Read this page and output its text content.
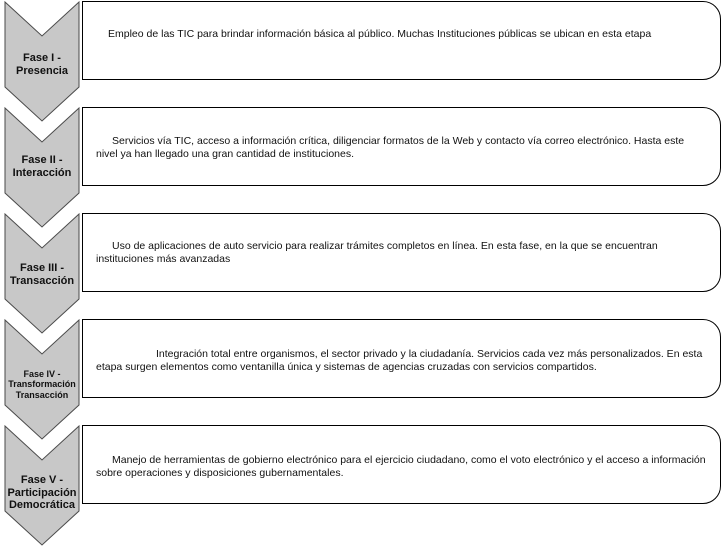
Fase I -
Presencia
Fase II -
Interacción
Fase III -
Transacción
Fase IV -
Transformación
Transacción
Fase V -
Participación
Democrática
Empleo de las TIC para brindar información básica al público. Muchas Instituciones públicas se ubican en esta etapa
Servicios vía TIC, acceso a información crítica, diligenciar formatos de la Web y contacto vía correo electrónico. Hasta este nivel ya han llegado una gran cantidad de instituciones.
Uso de aplicaciones de auto servicio para realizar trámites completos en línea. En esta fase, en la que se encuentran instituciones más avanzadas
Integración total entre organismos, el sector privado y la ciudadanía. Servicios cada vez más personalizados. En esta etapa surgen elementos como ventanilla única y sistemas de agencias cruzadas con servicios compartidos.
Manejo de herramientas de gobierno electrónico para el ejercicio ciudadano, como el voto electrónico y el acceso a información sobre operaciones y disposiciones gubernamentales.
